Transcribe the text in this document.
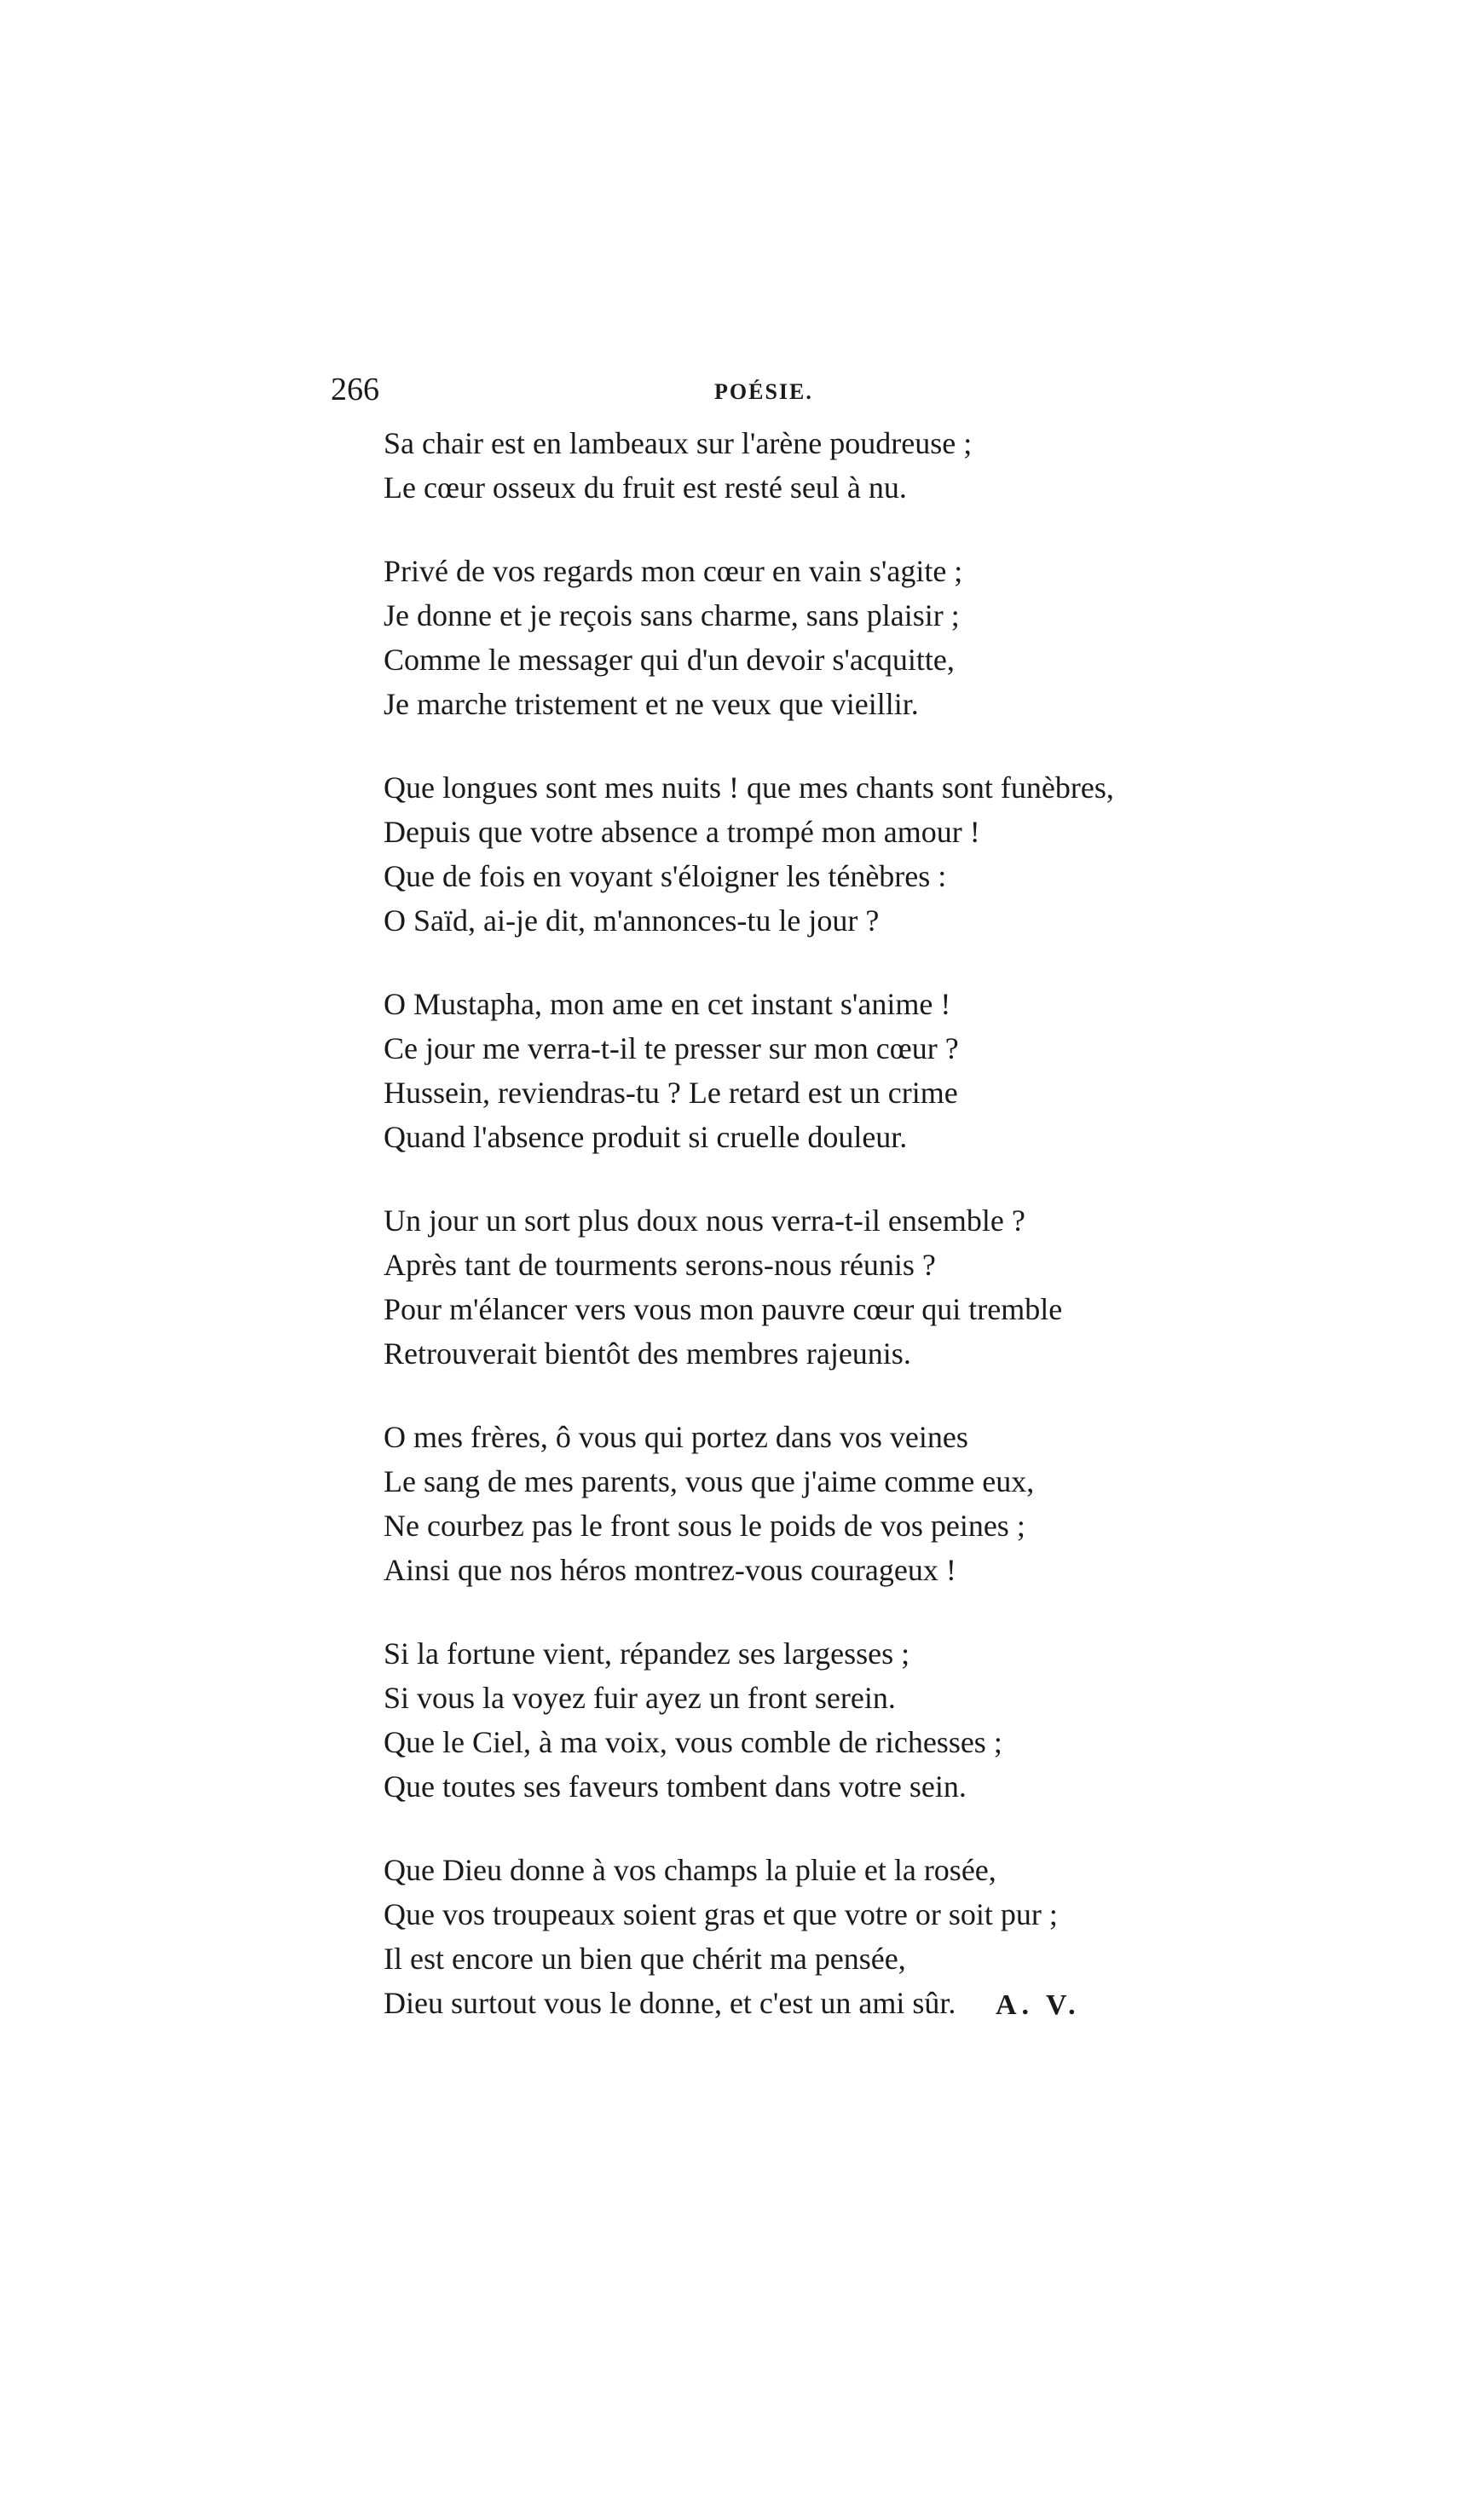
266	POÉSIE.
Sa chair est en lambeaux sur l'arène poudreuse ;
Le cœur osseux du fruit est resté seul à nu.
Privé de vos regards mon cœur en vain s'agite ;
Je donne et je reçois sans charme, sans plaisir ;
Comme le messager qui d'un devoir s'acquitte,
Je marche tristement et ne veux que vieillir.
Que longues sont mes nuits ! que mes chants sont funèbres,
Depuis que votre absence a trompé mon amour !
Que de fois en voyant s'éloigner les ténèbres :
O Saïd, ai-je dit, m'annonces-tu le jour ?
O Mustapha, mon ame en cet instant s'anime !
Ce jour me verra-t-il te presser sur mon cœur ?
Hussein, reviendras-tu ? Le retard est un crime
Quand l'absence produit si cruelle douleur.
Un jour un sort plus doux nous verra-t-il ensemble ?
Après tant de tourments serons-nous réunis ?
Pour m'élancer vers vous mon pauvre cœur qui tremble
Retrouverait bientôt des membres rajeunis.
O mes frères, ô vous qui portez dans vos veines
Le sang de mes parents, vous que j'aime comme eux,
Ne courbez pas le front sous le poids de vos peines ;
Ainsi que nos héros montrez-vous courageux !
Si la fortune vient, répandez ses largesses ;
Si vous la voyez fuir ayez un front serein.
Que le Ciel, à ma voix, vous comble de richesses ;
Que toutes ses faveurs tombent dans votre sein.
Que Dieu donne à vos champs la pluie et la rosée,
Que vos troupeaux soient gras et que votre or soit pur ;
Il est encore un bien que chérit ma pensée,
Dieu surtout vous le donne, et c'est un ami sûr.	A. V.
